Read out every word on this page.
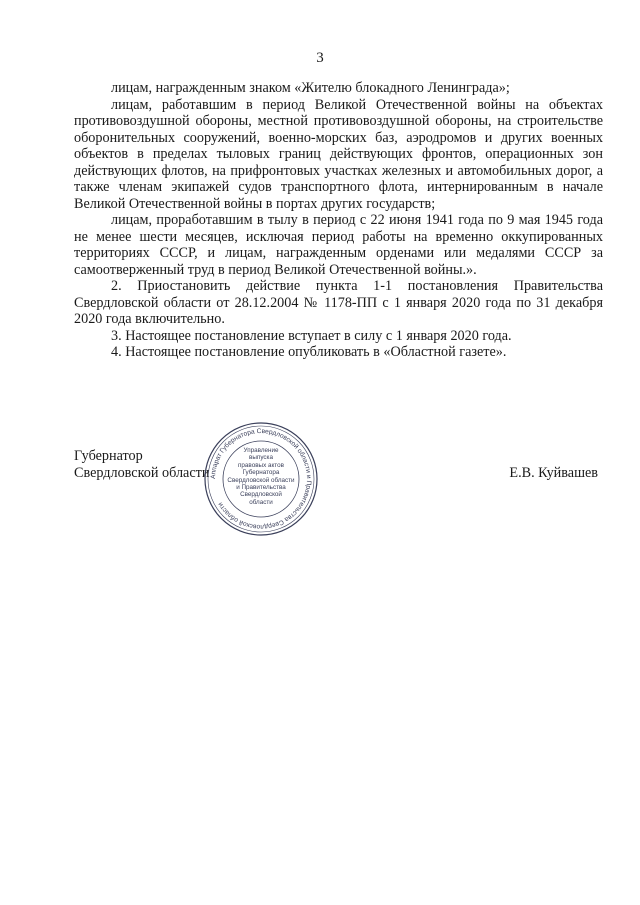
3

лицам, награжденным знаком «Жителю блокадного Ленинграда»;

лицам, работавшим в период Великой Отечественной войны на объектах противовоздушной обороны, местной противовоздушной обороны, на строительстве оборонительных сооружений, военно-морских баз, аэродромов и других военных объектов в пределах тыловых границ действующих фронтов, операционных зон действующих флотов, на прифронтовых участках железных и автомобильных дорог, а также членам экипажей судов транспортного флота, интернированным в начале Великой Отечественной войны в портах других государств;

лицам, проработавшим в тылу в период с 22 июня 1941 года по 9 мая 1945 года не менее шести месяцев, исключая период работы на временно оккупированных территориях СССР, и лицам, награжденным орденами или медалями СССР за самоотверженный труд в период Великой Отечественной войны.».

2. Приостановить действие пункта 1-1 постановления Правительства Свердловской области от 28.12.2004 № 1178-ПП с 1 января 2020 года по 31 декабря 2020 года включительно.

3. Настоящее постановление вступает в силу с 1 января 2020 года.

4. Настоящее постановление опубликовать в «Областной газете».

Губернатор
Свердловской области Аппарат Губернатора Свердловской области и Правительства Свердловской области
Управление
выпуска
правовых актов
Губернатора
Свердловской области
и Правительства
Свердловской
области
Е.В. Куйвашев
